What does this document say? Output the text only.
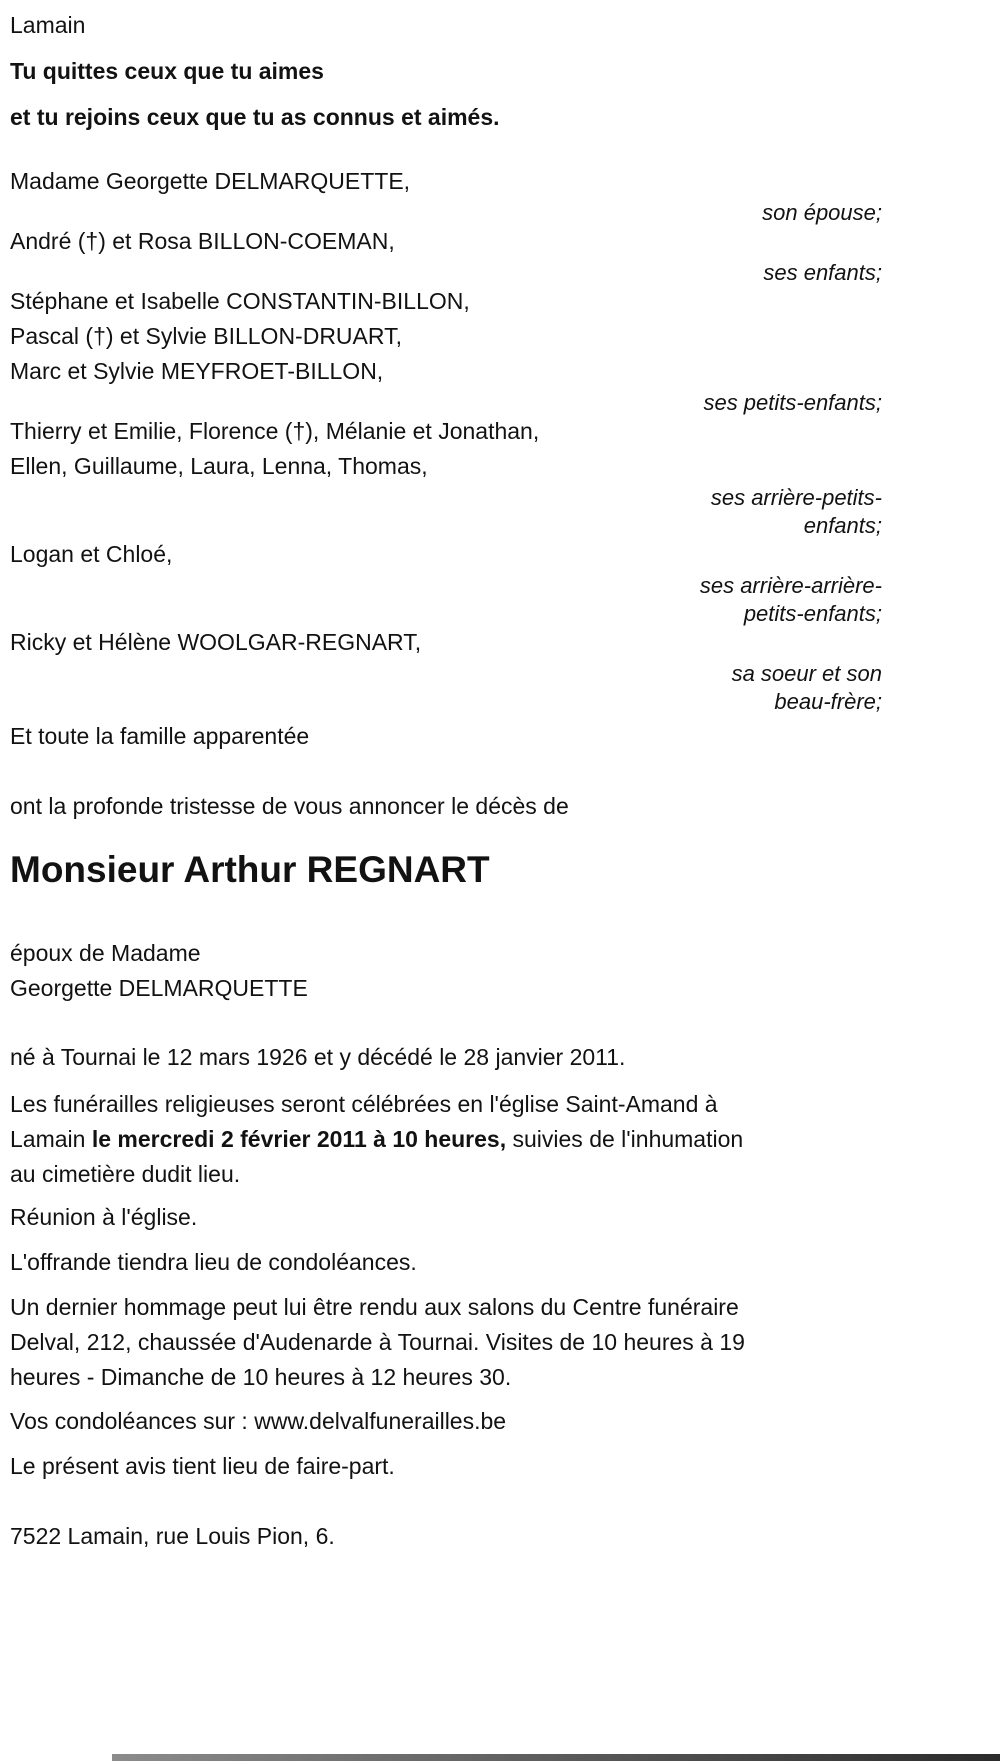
Lamain
Tu quittes ceux que tu aimes
et tu rejoins ceux que tu as connus et aimés.
Madame Georgette DELMARQUETTE,
son épouse;
André (†) et Rosa BILLON-COEMAN,
ses enfants;
Stéphane et Isabelle CONSTANTIN-BILLON,
Pascal (†) et Sylvie BILLON-DRUART,
Marc et Sylvie MEYFROET-BILLON,
ses petits-enfants;
Thierry et Emilie, Florence (†), Mélanie et Jonathan,
Ellen, Guillaume, Laura, Lenna, Thomas,
ses arrière-petits-
enfants;
Logan et Chloé,
ses arrière-arrière-
petits-enfants;
Ricky et Hélène WOOLGAR-REGNART,
sa soeur et son
beau-frère;
Et toute la famille apparentée
ont la profonde tristesse de vous annoncer le décès de
Monsieur Arthur REGNART
époux de Madame
Georgette DELMARQUETTE
né à Tournai le 12 mars 1926 et y décédé le 28 janvier 2011.
Les funérailles religieuses seront célébrées en l'église Saint-Amand à
Lamain le mercredi 2 février 2011 à 10 heures, suivies de l'inhumation
au cimetière dudit lieu.
Réunion à l'église.
L'offrande tiendra lieu de condoléances.
Un dernier hommage peut lui être rendu aux salons du Centre funéraire
Delval, 212, chaussée d'Audenarde à Tournai. Visites de 10 heures à 19
heures - Dimanche de 10 heures à 12 heures 30.
Vos condoléances sur : www.delvalfunerailles.be
Le présent avis tient lieu de faire-part.
7522 Lamain, rue Louis Pion, 6.
